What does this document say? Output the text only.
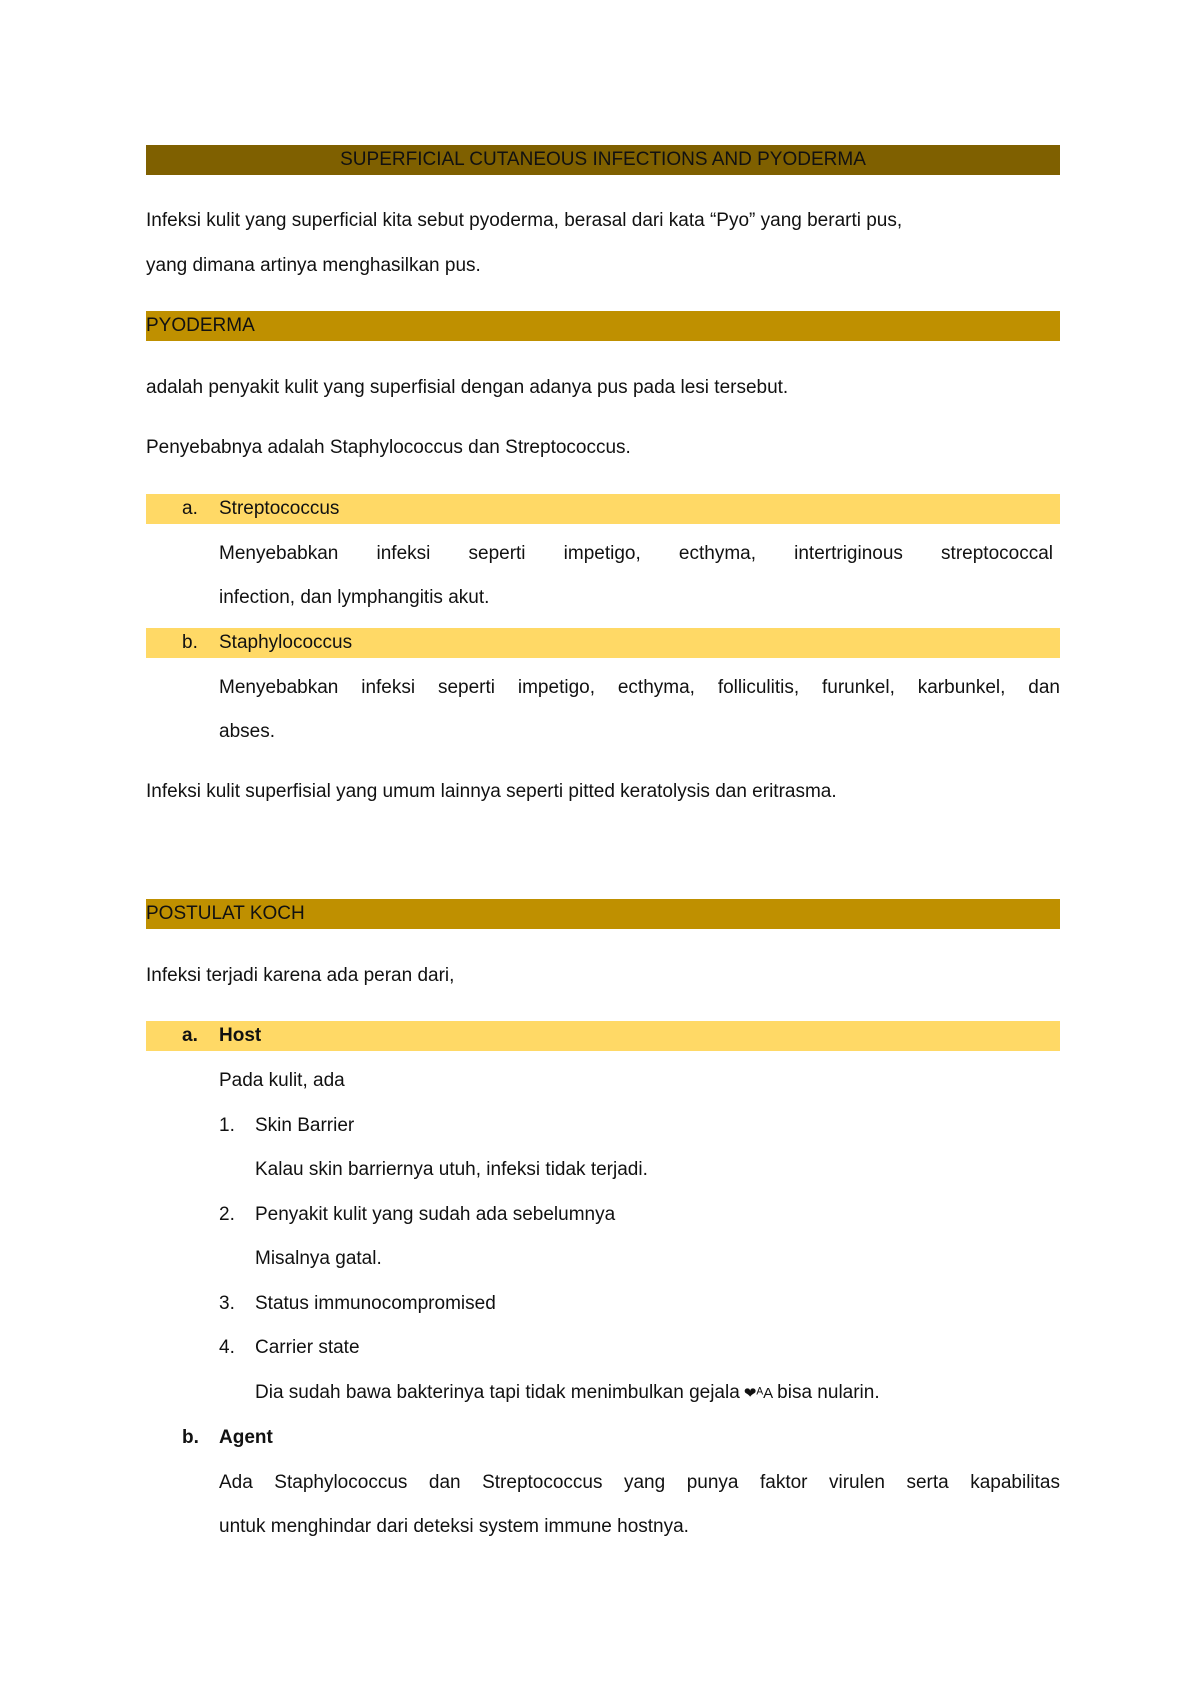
SUPERFICIAL CUTANEOUS INFECTIONS AND PYODERMA
Infeksi kulit yang superficial kita sebut pyoderma, berasal dari kata “Pyo” yang berarti pus,
yang dimana artinya menghasilkan pus.
PYODERMA
adalah penyakit kulit yang superfisial dengan adanya pus pada lesi tersebut.
Penyebabnya adalah Staphylococcus dan Streptococcus.
a. Streptococcus
Menyebabkan infeksi seperti impetigo, ecthyma, intertriginous streptococcal
infection, dan lymphangitis akut.
b. Staphylococcus
Menyebabkan infeksi seperti impetigo, ecthyma, folliculitis, furunkel, karbunkel, dan
abses.
Infeksi kulit superfisial yang umum lainnya seperti pitted keratolysis dan eritrasma.
POSTULAT KOCH
Infeksi terjadi karena ada peran dari,
a. Host
Pada kulit, ada
1. Skin Barrier
Kalau skin barriernya utuh, infeksi tidak terjadi.
2. Penyakit kulit yang sudah ada sebelumnya
Misalnya gatal.
3. Status immunocompromised
4. Carrier state
Dia sudah bawa bakterinya tapi tidak menimbulkan gejala ❤ᴬA bisa nularin.
b. Agent
Ada Staphylococcus dan Streptococcus yang punya faktor virulen serta kapabilitas
untuk menghindar dari deteksi system immune hostnya.
